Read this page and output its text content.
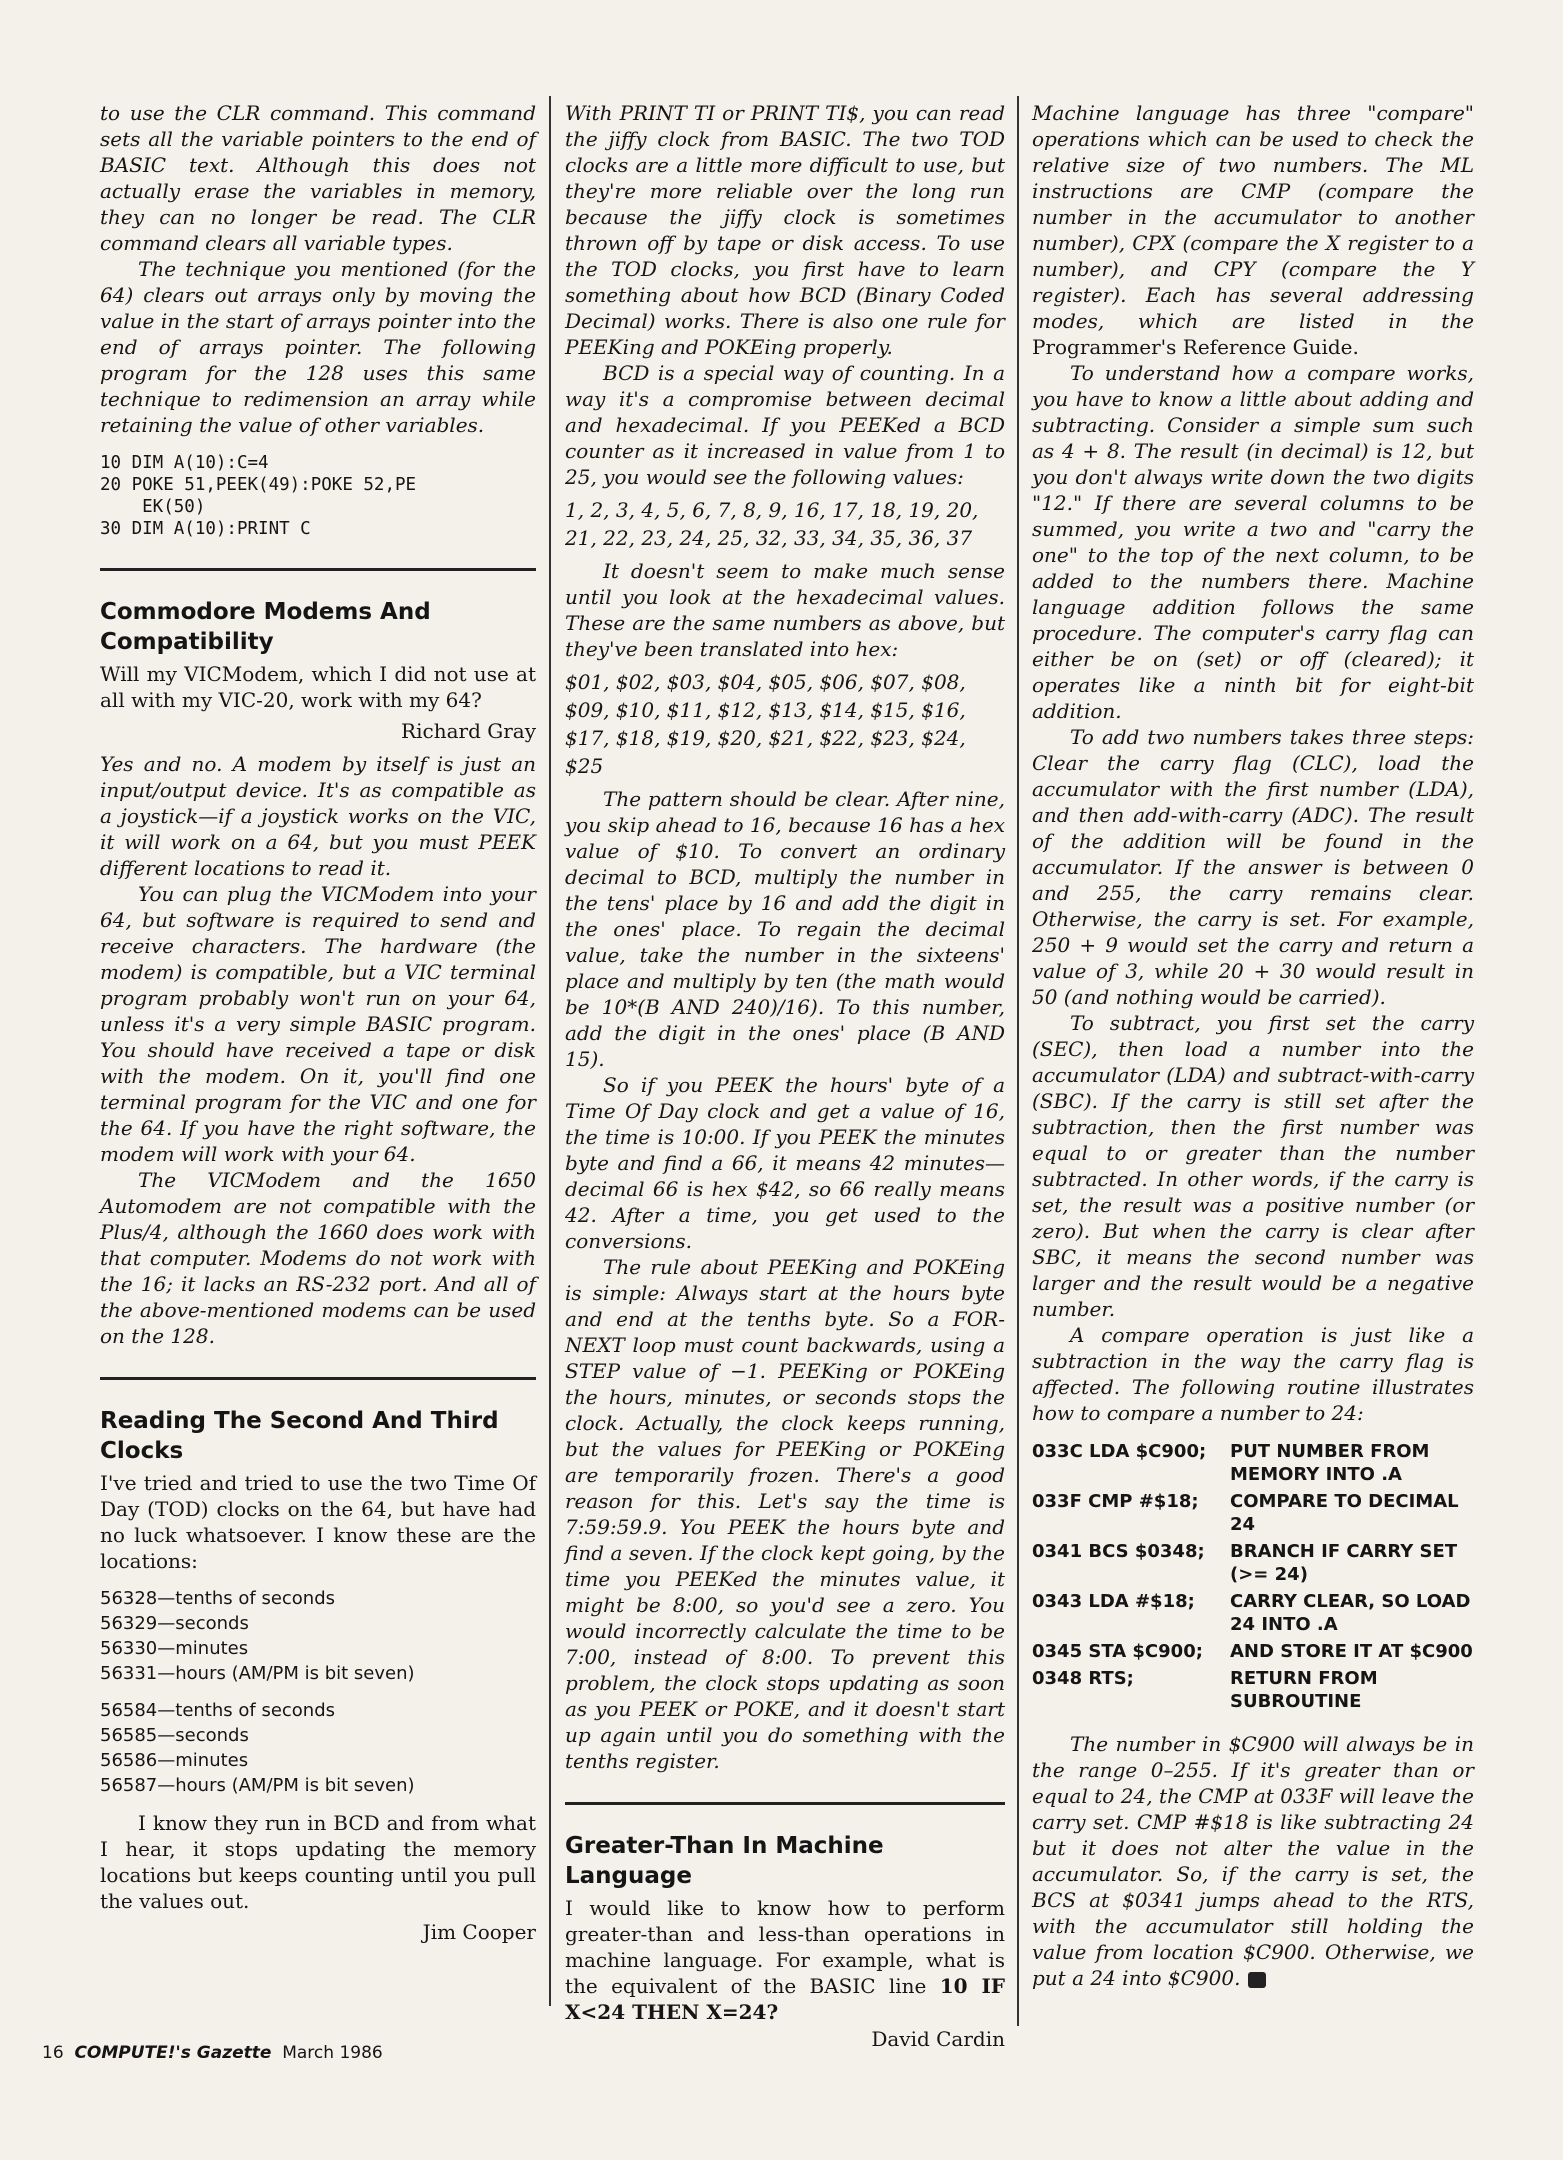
to use the CLR command. This command sets all the variable pointers to the end of BASIC text. Although this does not actually erase the variables in memory, they can no longer be read. The CLR command clears all variable types.

The technique you mentioned (for the 64) clears out arrays only by moving the value in the start of arrays pointer into the end of arrays pointer. The following program for the 128 uses this same technique to redimension an array while retaining the value of other variables.

10 DIM A(10):C=4
20 POKE 51,PEEK(49):POKE 52,PE
EK(50)
30 DIM A(10):PRINT C
Commodore Modems And Compatibility

Will my VICModem, which I did not use at all with my VIC-20, work with my 64?

Richard Gray

Yes and no. A modem by itself is just an input/output device. It's as compatible as a joystick—if a joystick works on the VIC, it will work on a 64, but you must PEEK different locations to read it.

You can plug the VICModem into your 64, but software is required to send and receive characters. The hardware (the modem) is compatible, but a VIC terminal program probably won't run on your 64, unless it's a very simple BASIC program. You should have received a tape or disk with the modem. On it, you'll find one terminal program for the VIC and one for the 64. If you have the right software, the modem will work with your 64.

The VICModem and the 1650 Automodem are not compatible with the Plus/4, although the 1660 does work with that computer. Modems do not work with the 16; it lacks an RS-232 port. And all of the above-mentioned modems can be used on the 128.

Reading The Second And Third Clocks

I've tried and tried to use the two Time Of Day (TOD) clocks on the 64, but have had no luck whatsoever. I know these are the locations:

56328—tenths of seconds
56329—seconds
56330—minutes
56331—hours (AM/PM is bit seven)
56584—tenths of seconds
56585—seconds
56586—minutes
56587—hours (AM/PM is bit seven)

I know they run in BCD and from what I hear, it stops updating the memory locations but keeps counting until you pull the values out.

Jim Cooper

With PRINT TI or PRINT TI$, you can read the jiffy clock from BASIC. The two TOD clocks are a little more difficult to use, but they're more reliable over the long run because the jiffy clock is sometimes thrown off by tape or disk access. To use the TOD clocks, you first have to learn something about how BCD (Binary Coded Decimal) works. There is also one rule for PEEKing and POKEing properly.

BCD is a special way of counting. In a way it's a compromise between decimal and hexadecimal. If you PEEKed a BCD counter as it increased in value from 1 to 25, you would see the following values:

1, 2, 3, 4, 5, 6, 7, 8, 9, 16, 17, 18, 19, 20, 21, 22, 23, 24, 25, 32, 33, 34, 35, 36, 37

It doesn't seem to make much sense until you look at the hexadecimal values. These are the same numbers as above, but they've been translated into hex:

$01, $02, $03, $04, $05, $06, $07, $08, $09, $10, $11, $12, $13, $14, $15, $16, $17, $18, $19, $20, $21, $22, $23, $24, $25

The pattern should be clear. After nine, you skip ahead to 16, because 16 has a hex value of $10. To convert an ordinary decimal to BCD, multiply the number in the tens' place by 16 and add the digit in the ones' place. To regain the decimal value, take the number in the sixteens' place and multiply by ten (the math would be 10*(B AND 240)/16). To this number, add the digit in the ones' place (B AND 15).

So if you PEEK the hours' byte of a Time Of Day clock and get a value of 16, the time is 10:00. If you PEEK the minutes byte and find a 66, it means 42 minutes—decimal 66 is hex $42, so 66 really means 42. After a time, you get used to the conversions.

The rule about PEEKing and POKEing is simple: Always start at the hours byte and end at the tenths byte. So a FOR-NEXT loop must count backwards, using a STEP value of −1. PEEKing or POKEing the hours, minutes, or seconds stops the clock. Actually, the clock keeps running, but the values for PEEKing or POKEing are temporarily frozen. There's a good reason for this. Let's say the time is 7:59:59.9. You PEEK the hours byte and find a seven. If the clock kept going, by the time you PEEKed the minutes value, it might be 8:00, so you'd see a zero. You would incorrectly calculate the time to be 7:00, instead of 8:00. To prevent this problem, the clock stops updating as soon as you PEEK or POKE, and it doesn't start up again until you do something with the tenths register.

Greater-Than In Machine Language

I would like to know how to perform greater-than and less-than operations in machine language. For example, what is the equivalent of the BASIC line 10 IF X<24 THEN X=24?

David Cardin

Machine language has three "compare" operations which can be used to check the relative size of two numbers. The ML instructions are CMP (compare the number in the accumulator to another number), CPX (compare the X register to a number), and CPY (compare the Y register). Each has several addressing modes, which are listed in the Programmer's Reference Guide.

To understand how a compare works, you have to know a little about adding and subtracting. Consider a simple sum such as 4 + 8. The result (in decimal) is 12, but you don't always write down the two digits "12." If there are several columns to be summed, you write a two and "carry the one" to the top of the next column, to be added to the numbers there. Machine language addition follows the same procedure. The computer's carry flag can either be on (set) or off (cleared); it operates like a ninth bit for eight-bit addition.

To add two numbers takes three steps: Clear the carry flag (CLC), load the accumulator with the first number (LDA), and then add-with-carry (ADC). The result of the addition will be found in the accumulator. If the answer is between 0 and 255, the carry remains clear. Otherwise, the carry is set. For example, 250 + 9 would set the carry and return a value of 3, while 20 + 30 would result in 50 (and nothing would be carried).

To subtract, you first set the carry (SEC), then load a number into the accumulator (LDA) and subtract-with-carry (SBC). If the carry is still set after the subtraction, then the first number was equal to or greater than the number subtracted. In other words, if the carry is set, the result was a positive number (or zero). But when the carry is clear after SBC, it means the second number was larger and the result would be a negative number.

A compare operation is just like a subtraction in the way the carry flag is affected. The following routine illustrates how to compare a number to 24:

033C LDA $C900;	PUT NUMBER FROM MEMORY INTO .A
033F CMP #$18;	COMPARE TO DECIMAL 24
0341 BCS $0348;	BRANCH IF CARRY SET (>= 24)
0343 LDA #$18;	CARRY CLEAR, SO LOAD 24 INTO .A
0345 STA $C900;	AND STORE IT AT $C900
0348 RTS;	RETURN FROM SUBROUTINE

The number in $C900 will always be in the range 0–255. If it's greater than or equal to 24, the CMP at 033F will leave the carry set. CMP #$18 is like subtracting 24 but it does not alter the value in the accumulator. So, if the carry is set, the BCS at $0341 jumps ahead to the RTS, with the accumulator still holding the value from location $C900. Otherwise, we put a 24 into $C900.

16 COMPUTE!'s Gazette March 1986
